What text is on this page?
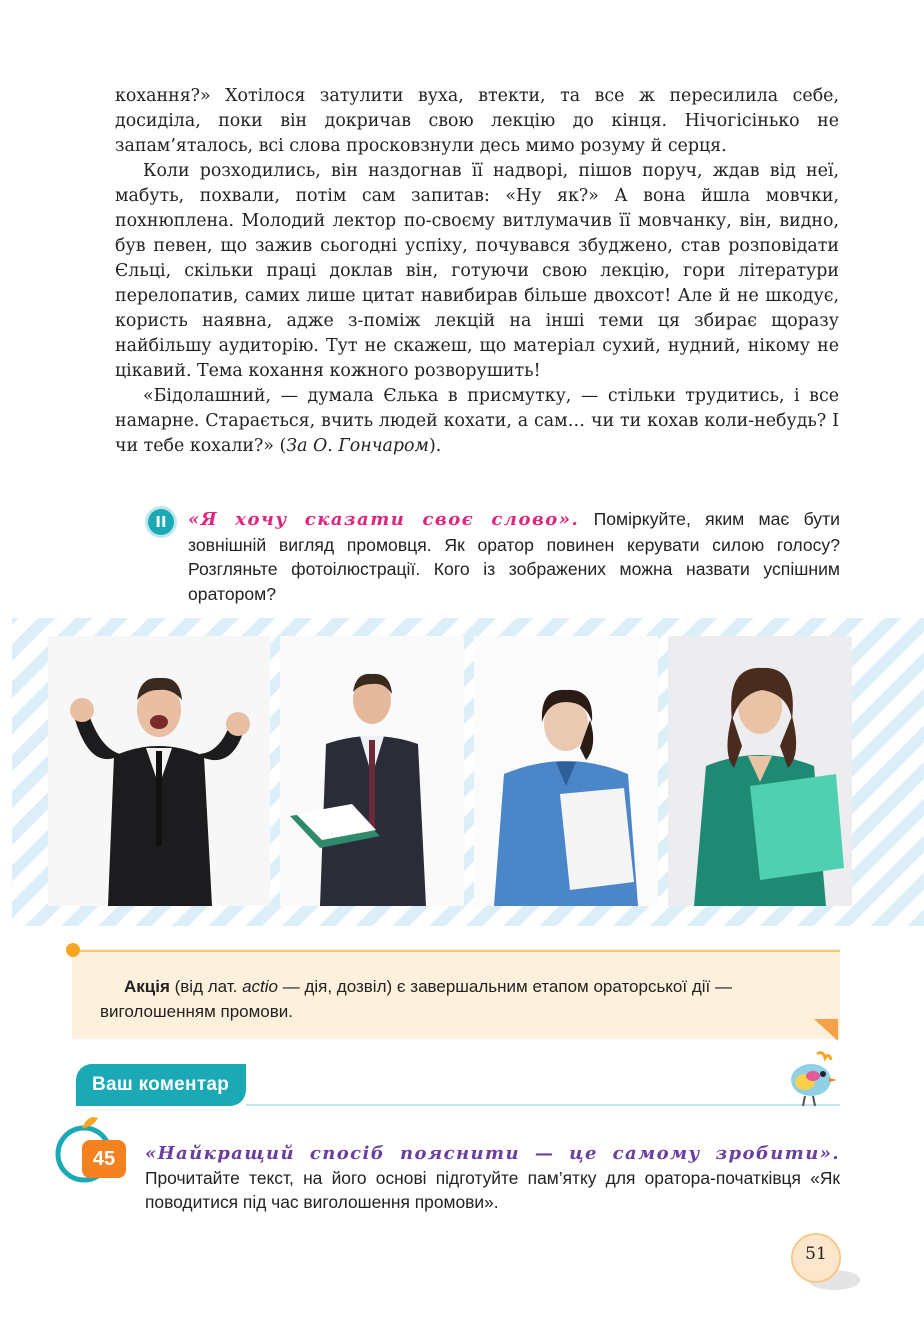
кохання?» Хотілося затулити вуха, втекти, та все ж пересилила себе, досиділа, поки він докричав свою лекцію до кінця. Нічогісінько не запам’яталось, всі слова просковзнули десь мимо розуму й серця.

Коли розходились, він наздогнав її надворі, пішов поруч, ждав від неї, мабуть, похвали, потім сам запитав: «Ну як?» А вона йшла мовчки, похнюплена. Молодий лектор по-своєму витлумачив її мовчанку, він, видно, був певен, що зажив сьогодні успіху, почувався збуджено, став розповідати Єльці, скільки праці доклав він, готуючи свою лекцію, гори літератури перелопатив, самих лише цитат навибирав більше двохсот! Але й не шкодує, користь наявна, адже з-поміж лекцій на інші теми ця збирає щоразу найбільшу аудиторію. Тут не скажеш, що матеріал сухий, нудний, нікому не цікавий. Тема кохання кожного розворушить!

«Бідолашний, — думала Єлька в присмутку, — стільки трудитись, і все намарне. Старається, вчить людей кохати, а сам… чи ти кохав коли-небудь? І чи тебе кохали?» (За О. Гончаром).

II	«Я хочу сказати своє слово». Поміркуйте, яким має бути зовнішній вигляд промовця. Як оратор повинен керувати силою голосу? Розгляньте фотоілюстрації. Кого із зображених можна назвати успішним оратором?

Акція (від лат. actio — дія, дозвіл) є завершальним етапом ораторської дії — виголошенням промови.

Ваш коментар
45	«Найкращий спосіб пояснити — це самому зробити». Прочитайте текст, на його основі підготуйте пам’ятку для оратора-початківця «Як поводитися під час виголошення промови».
51
